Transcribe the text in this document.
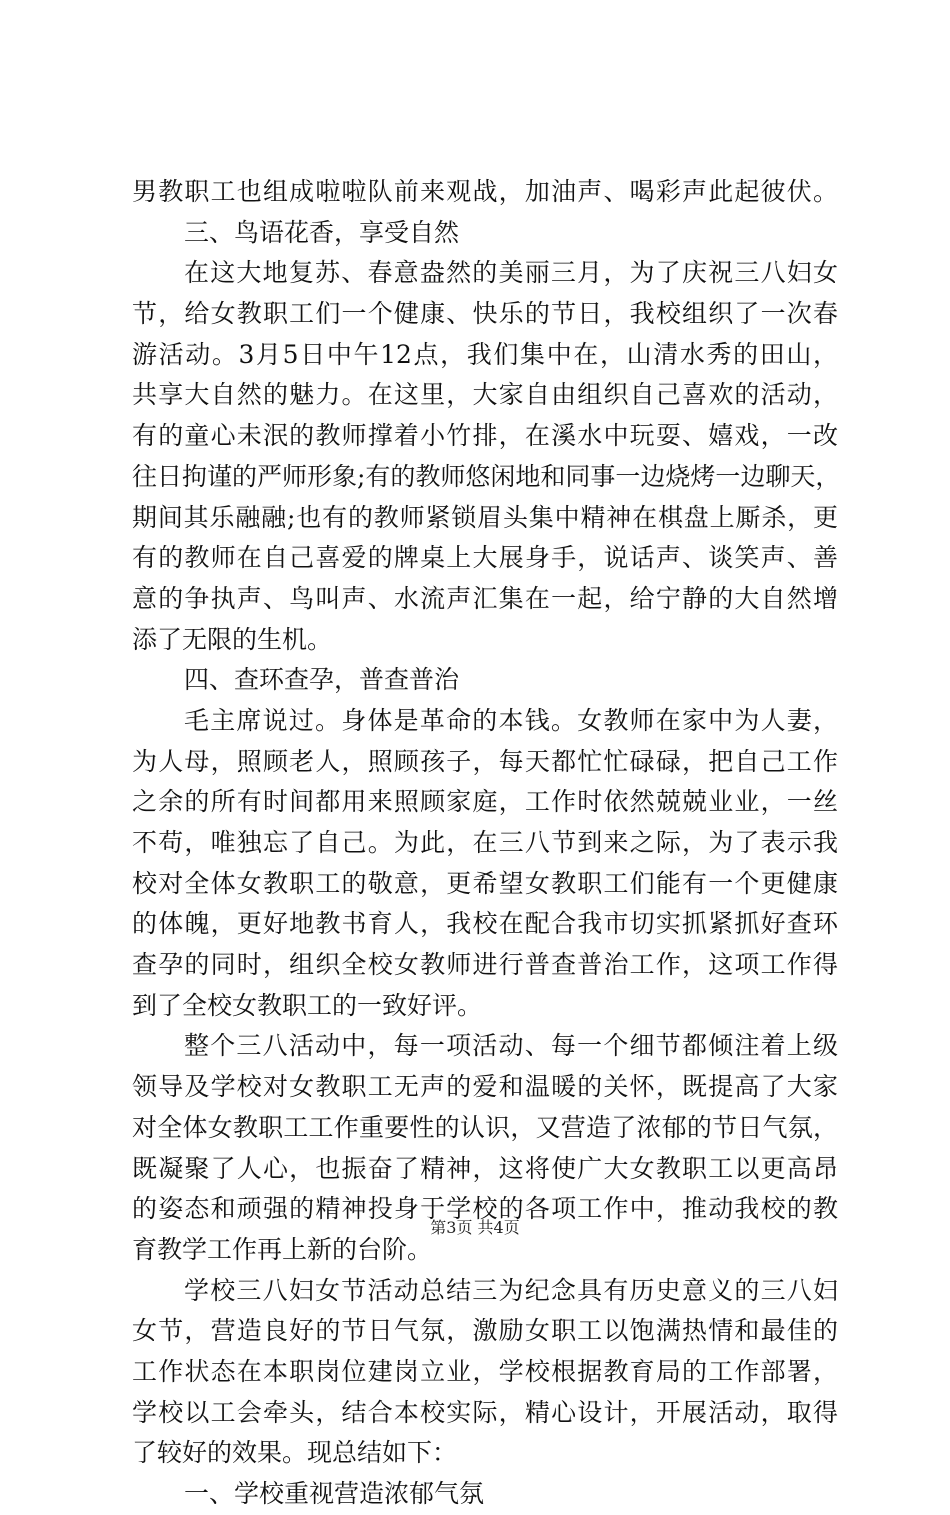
男教职工也组成啦啦队前来观战，加油声、喝彩声此起彼伏。
三、鸟语花香，享受自然
在这大地复苏、春意盎然的美丽三月，为了庆祝三八妇女
节，给女教职工们一个健康、快乐的节日，我校组织了一次春
游活动。3月5日中午12点，我们集中在，山清水秀的田山，
共享大自然的魅力。在这里，大家自由组织自己喜欢的活动，
有的童心未泯的教师撑着小竹排，在溪水中玩耍、嬉戏，一改
往日拘谨的严师形象;有的教师悠闲地和同事一边烧烤一边聊天，
期间其乐融融;也有的教师紧锁眉头集中精神在棋盘上厮杀，更
有的教师在自己喜爱的牌桌上大展身手，说话声、谈笑声、善
意的争执声、鸟叫声、水流声汇集在一起，给宁静的大自然增
添了无限的生机。
四、查环查孕，普查普治
毛主席说过。身体是革命的本钱。女教师在家中为人妻，
为人母，照顾老人，照顾孩子，每天都忙忙碌碌，把自己工作
之余的所有时间都用来照顾家庭，工作时依然兢兢业业，一丝
不苟，唯独忘了自己。为此，在三八节到来之际，为了表示我
校对全体女教职工的敬意，更希望女教职工们能有一个更健康
的体魄，更好地教书育人，我校在配合我市切实抓紧抓好查环
查孕的同时，组织全校女教师进行普查普治工作，这项工作得
到了全校女教职工的一致好评。
整个三八活动中，每一项活动、每一个细节都倾注着上级
领导及学校对女教职工无声的爱和温暖的关怀，既提高了大家
对全体女教职工工作重要性的认识，又营造了浓郁的节日气氛，
既凝聚了人心，也振奋了精神，这将使广大女教职工以更高昂
的姿态和顽强的精神投身于学校的各项工作中，推动我校的教
育教学工作再上新的台阶。
学校三八妇女节活动总结三为纪念具有历史意义的三八妇
女节，营造良好的节日气氛，激励女职工以饱满热情和最佳的
工作状态在本职岗位建岗立业，学校根据教育局的工作部署，
学校以工会牵头，结合本校实际，精心设计，开展活动，取得
了较好的效果。现总结如下：
一、学校重视营造浓郁气氛
第3页 共4页
